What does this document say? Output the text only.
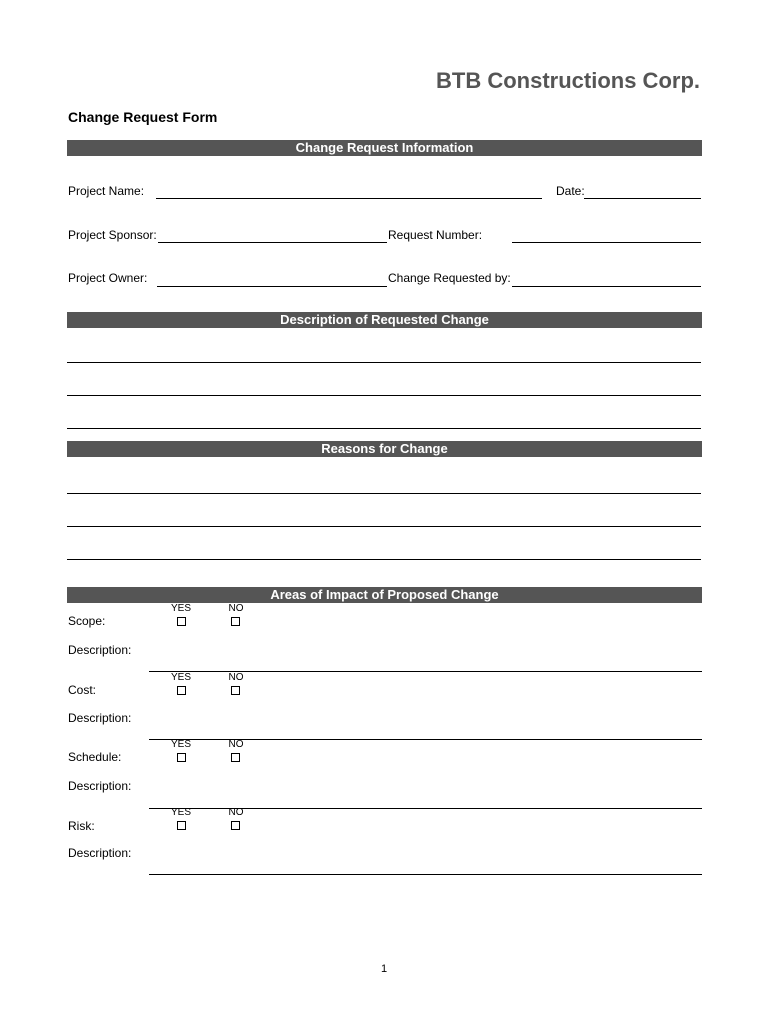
BTB Constructions Corp.
Change Request Form
Change Request Information
Project Name:	Date:
Project Sponsor:	Request Number:
Project Owner:	Change Requested by:
Description of Requested Change
Reasons for Change
Areas of Impact of Proposed Change
YES	NO
Scope:
Description:
YES	NO
Cost:
Description:
YES	NO
Schedule:
Description:
YES	NO
Risk:
Description:
1
